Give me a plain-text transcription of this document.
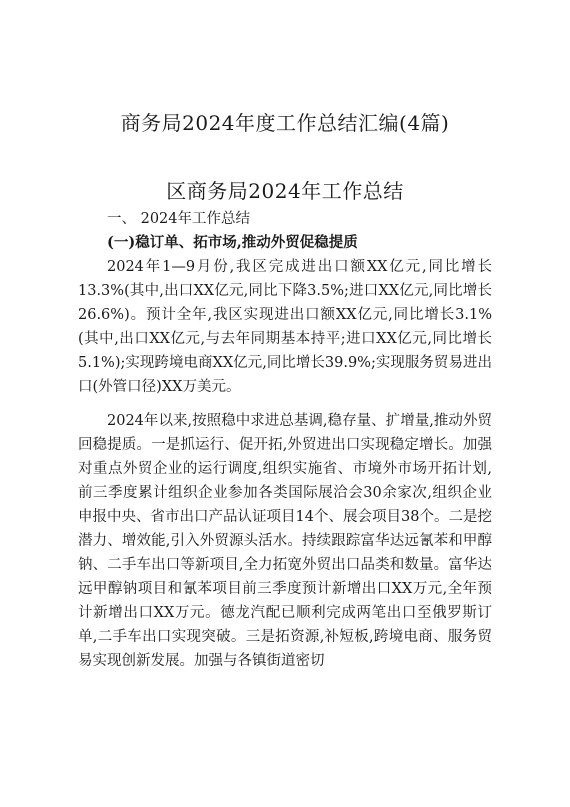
商务局2024年度工作总结汇编(4篇)
区商务局2024年工作总结

一、 2024年工作总结

(一)稳订单、拓市场,推动外贸促稳提质

2024年1—9月份,我区完成进出口额XX亿元,同比增长13.3%(其中,出口XX亿元,同比下降3.5%;进口XX亿元,同比增长26.6%)。预计全年,我区实现进出口额XX亿元,同比增长3.1%(其中,出口XX亿元,与去年同期基本持平;进口XX亿元,同比增长5.1%);实现跨境电商XX亿元,同比增长39.9%;实现服务贸易进出口(外管口径)XX万美元。

2024年以来,按照稳中求进总基调,稳存量、扩增量,推动外贸回稳提质。一是抓运行、促开拓,外贸进出口实现稳定增长。加强对重点外贸企业的运行调度,组织实施省、市境外市场开拓计划,前三季度累计组织企业参加各类国际展洽会30余家次,组织企业申报中央、省市出口产品认证项目14个、展会项目38个。二是挖潜力、增效能,引入外贸源头活水。持续跟踪富华达远氰苯和甲醇钠、二手车出口等新项目,全力拓宽外贸出口品类和数量。富华达远甲醇钠项目和氰苯项目前三季度预计新增出口XX万元,全年预计新增出口XX万元。德龙汽配已顺利完成两笔出口至俄罗斯订单,二手车出口实现突破。三是拓资源,补短板,跨境电商、服务贸易实现创新发展。加强与各镇街道密切
